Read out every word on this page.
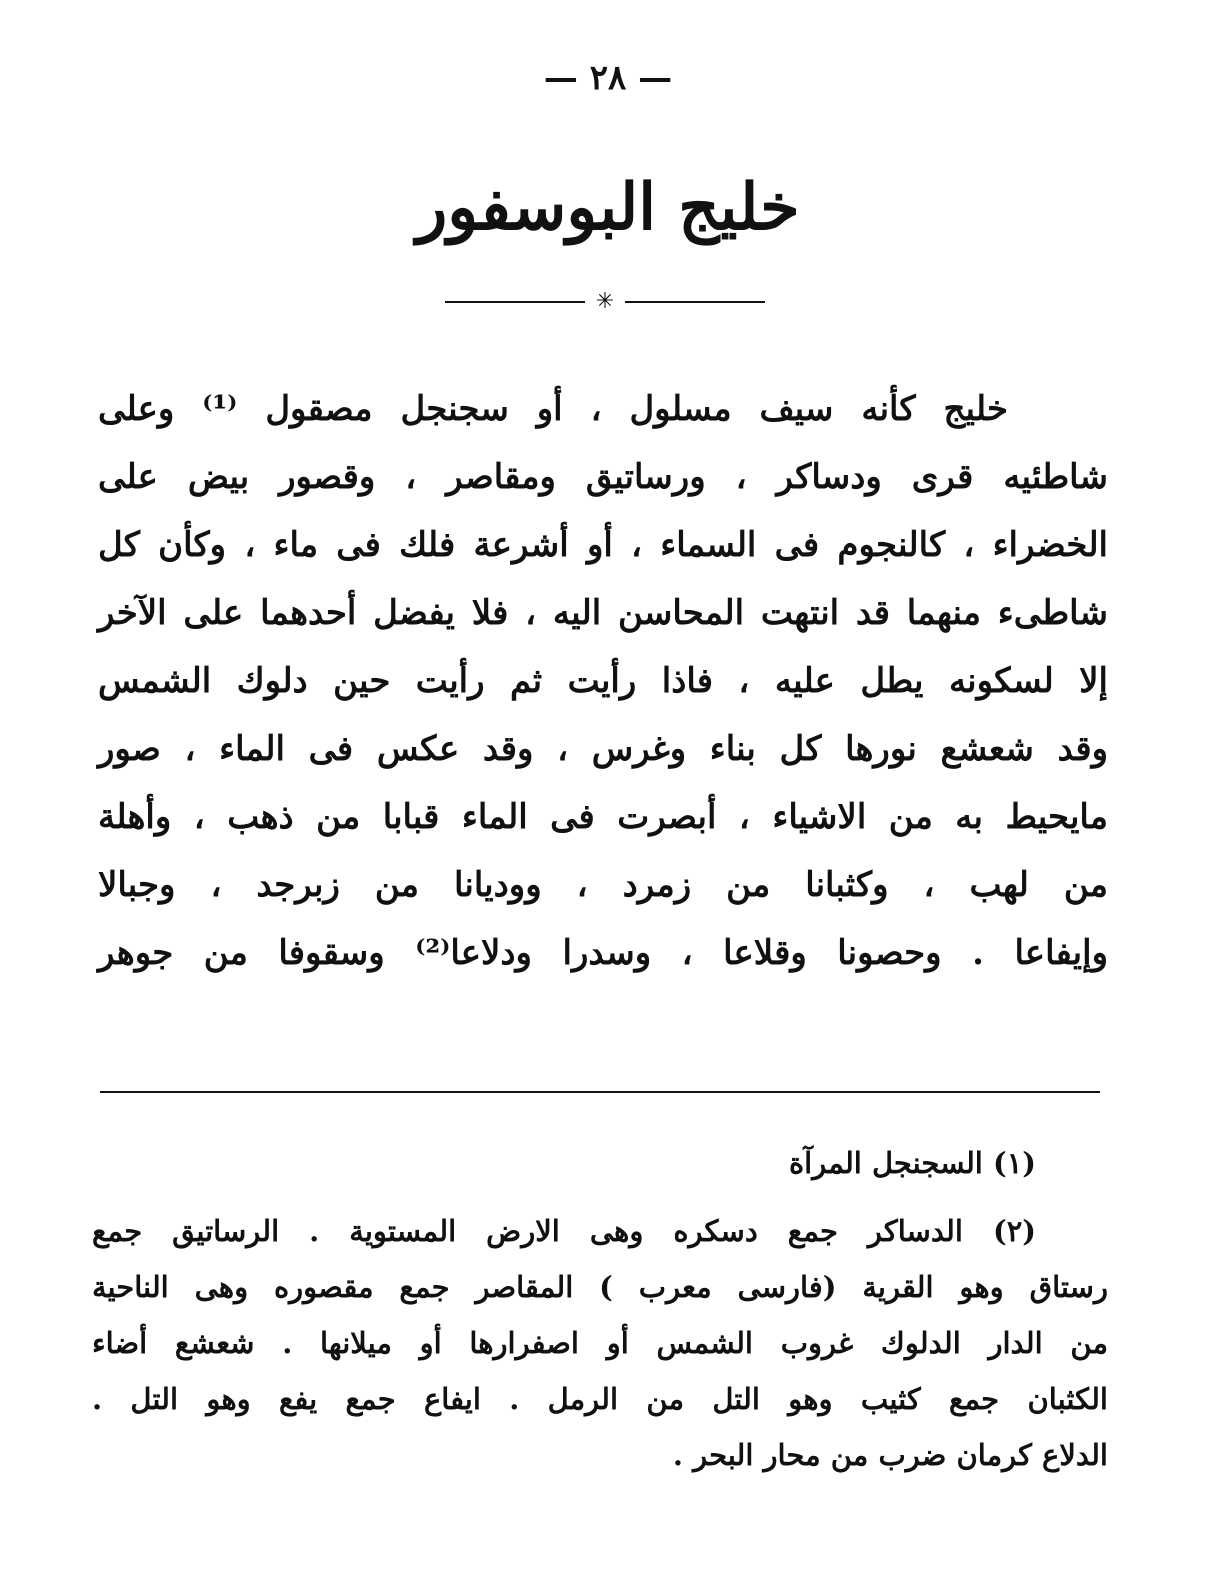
— ٢٨ —
خليج البوسفور
✳
خليج كأنه سيف مسلول ، أو سجنجل مصقول ⁽¹⁾ وعلى
شاطئيه قرى ودساكر ، ورساتيق ومقاصر ، وقصور بيض على
الخضراء ، كالنجوم فى السماء ، أو أشرعة فلك فى ماء ، وكأن كل
شاطىء منهما قد انتهت المحاسن اليه ، فلا يفضل أحدهما على الآخر
إلا لسكونه يطل عليه ، فاذا رأيت ثم رأيت حين دلوك الشمس
وقد شعشع نورها كل بناء وغرس ، وقد عكس فى الماء ، صور
مايحيط به من الاشياء ، أبصرت فى الماء قبابا من ذهب ، وأهلة
من لهب ، وكثبانا من زمرد ، ووديانا من زبرجد ، وجبالا
وإيفاعا . وحصونا وقلاعا ، وسدرا ودلاعا⁽²⁾ وسقوفا من جوهر
(١) السجنجل المرآة
(٢) الدساكر جمع دسكره وهى الارض المستوية . الرساتيق جمع
رستاق وهو القرية (فارسى معرب ) المقاصر جمع مقصوره وهى الناحية
من الدار الدلوك غروب الشمس أو اصفرارها أو ميلانها . شعشع أضاء
الكثبان جمع كثيب وهو التل من الرمل . ايفاع جمع يفع وهو التل .
الدلاع كرمان ضرب من محار البحر .
